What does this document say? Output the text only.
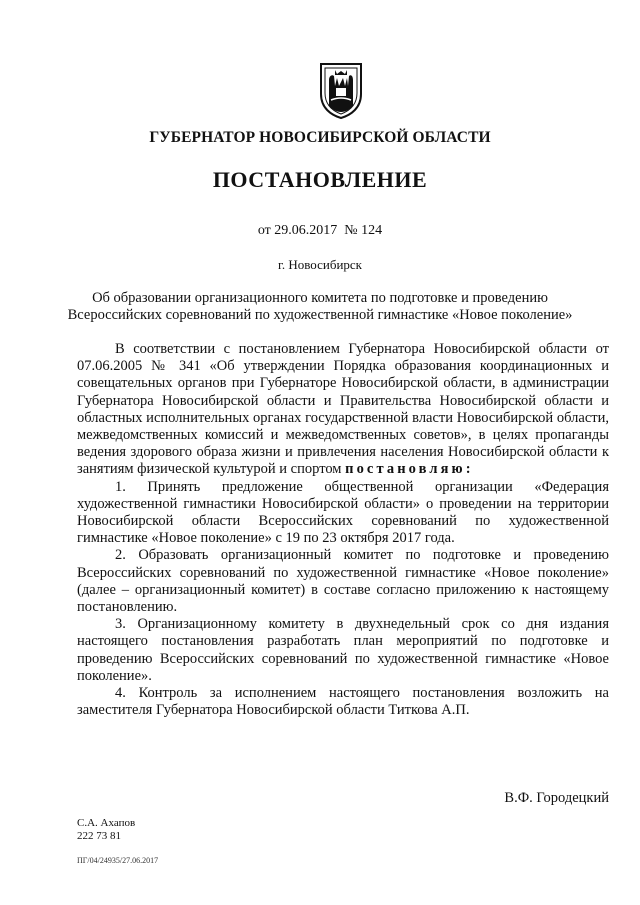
ГУБЕРНАТОР НОВОСИБИРСКОЙ ОБЛАСТИ
ПОСТАНОВЛЕНИЕ
от 29.06.2017  № 124
г. Новосибирск
Об образовании организационного комитета по подготовке и проведению
Всероссийских соревнований по художественной гимнастике «Новое поколение»

В соответствии с постановлением Губернатора Новосибирской области от 07.06.2005 № 341 «Об утверждении Порядка образования координационных и совещательных органов при Губернаторе Новосибирской области, в администрации Губернатора Новосибирской области и Правительства Новосибирской области и областных исполнительных органах государственной власти Новосибирской области, межведомственных комиссий и межведомственных советов», в целях пропаганды ведения здорового образа жизни и привлечения населения Новосибирской области к занятиям физической культурой и спортом постановляю:

1. Принять предложение общественной организации «Федерация художественной гимнастики Новосибирской области» о проведении на территории Новосибирской области Всероссийских соревнований по художественной гимнастике «Новое поколение» с 19 по 23 октября 2017 года.

2. Образовать организационный комитет по подготовке и проведению Всероссийских соревнований по художественной гимнастике «Новое поколение» (далее – организационный комитет) в составе согласно приложению к настоящему постановлению.

3. Организационному комитету в двухнедельный срок со дня издания настоящего постановления разработать план мероприятий по подготовке и проведению Всероссийских соревнований по художественной гимнастике «Новое поколение».

4. Контроль за исполнением настоящего постановления возложить на заместителя Губернатора Новосибирской области Титкова А.П.

В.Ф. Городецкий
С.А. Ахапов
222 73 81
ПГ/04/24935/27.06.2017
